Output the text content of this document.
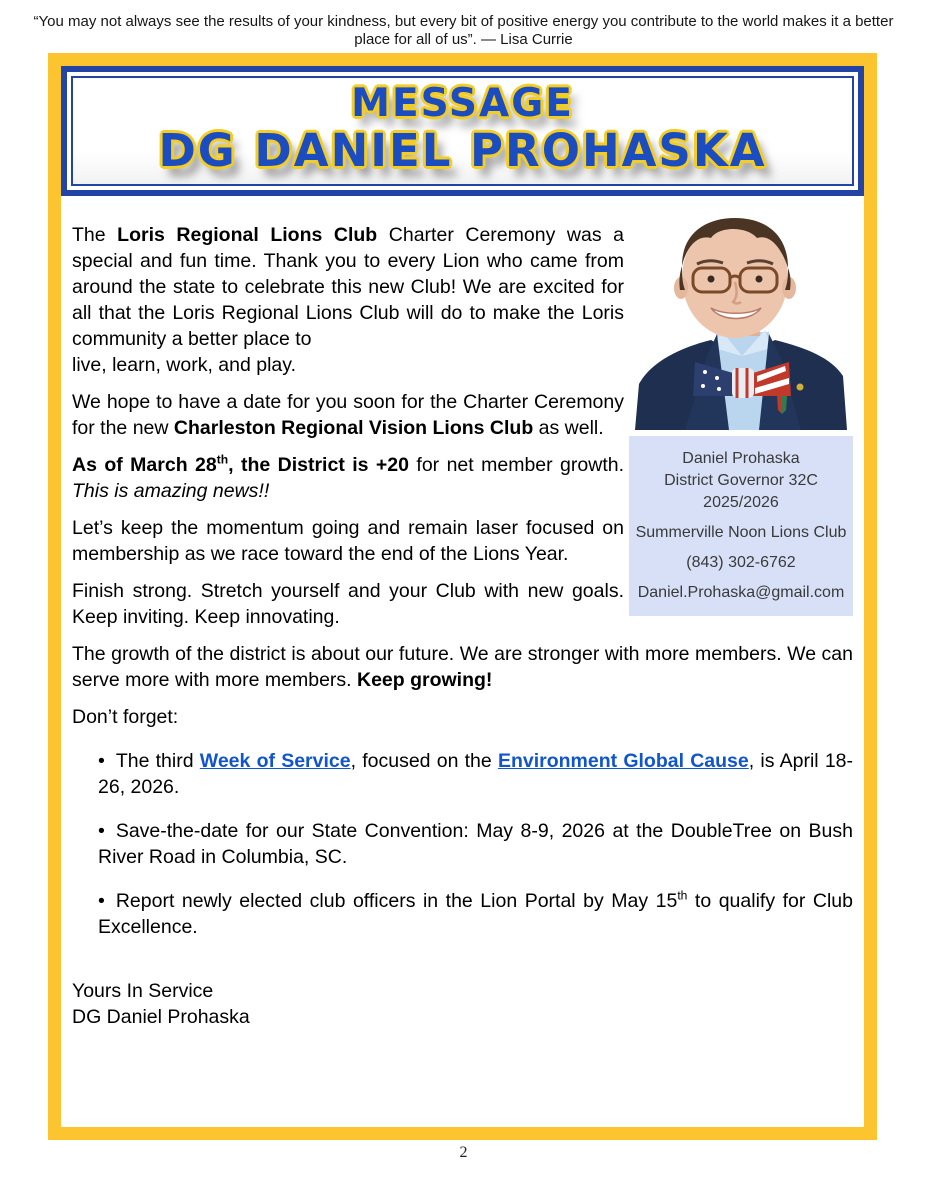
“You may not always see the results of your kindness, but every bit of positive energy you contribute to the world makes it a better
place for all of us”. — Lisa Currie
MESSAGE
DG DANIEL PROHASKA

The Loris Regional Lions Club Charter Ceremony was a special and fun time. Thank you to every Lion who came from around the state to celebrate this new Club! We are excited for all that the Loris Regional Lions Club will do to make the Loris community a better place to
live, learn, work, and play.

We hope to have a date for you soon for the Charter Ceremony for the new Charleston Regional Vision Lions Club as well.

As of March 28th, the District is +20 for net member growth. This is amazing news!!

Let’s keep the momentum going and remain laser focused on membership as we race toward the end of the Lions Year.

Finish strong. Stretch yourself and your Club with new goals. Keep inviting. Keep innovating.

Daniel Prohaska
District Governor 32C
2025/2026
Summerville Noon Lions Club
(843) 302-6762
Daniel.Prohaska@gmail.com

The growth of the district is about our future. We are stronger with more members. We can serve more with more members. Keep growing!

Don’t forget:

• The third Week of Service, focused on the Environment Global Cause, is April 18-26, 2026.

• Save-the-date for our State Convention: May 8-9, 2026 at the DoubleTree on Bush River Road in Columbia, SC.

• Report newly elected club officers in the Lion Portal by May 15th to qualify for Club Excellence.

Yours In Service
DG Daniel Prohaska

2
